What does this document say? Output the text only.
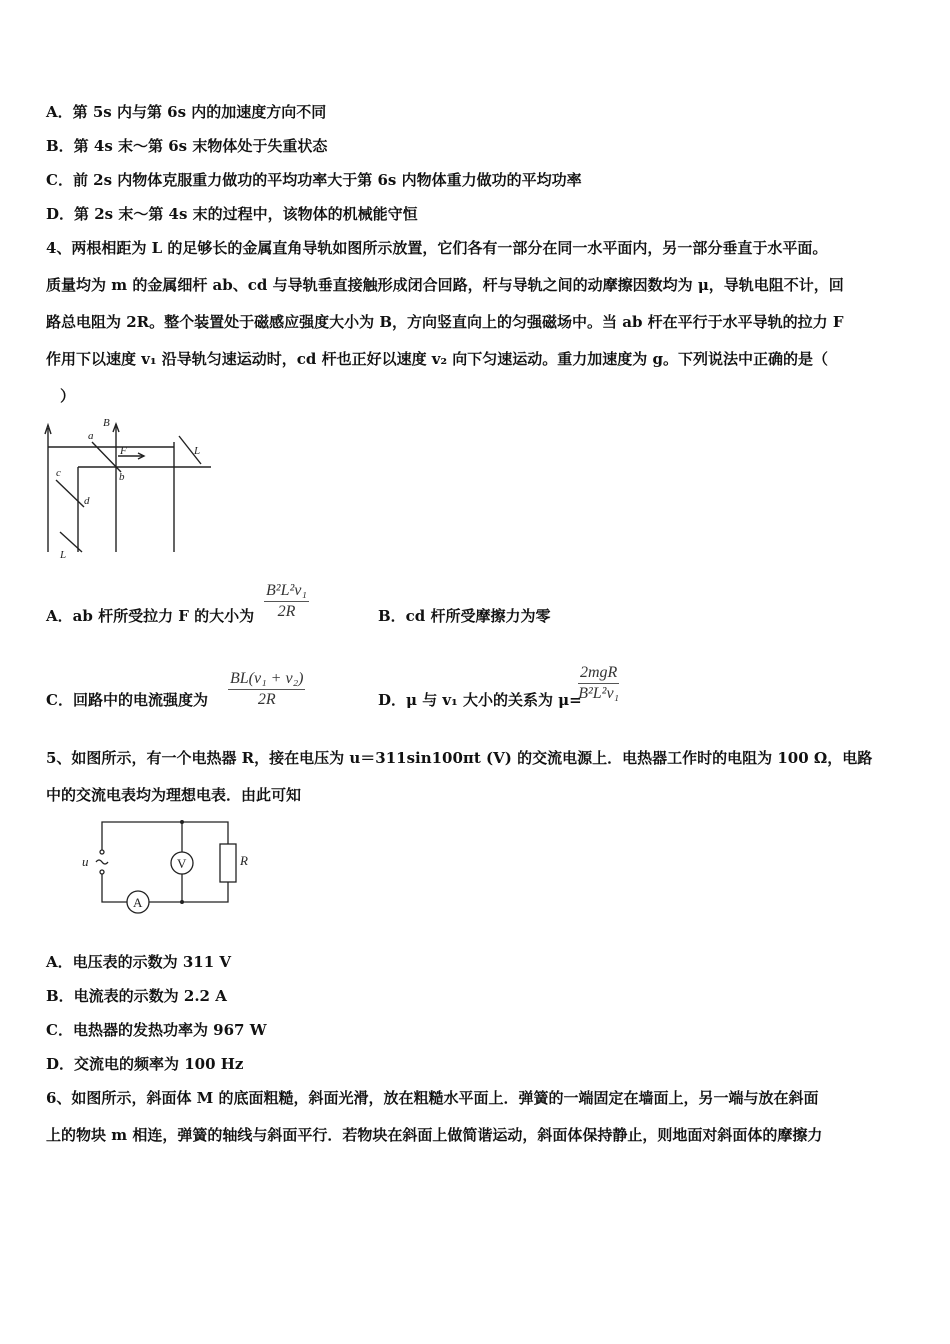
A．第 5s 内与第 6s 内的加速度方向不同
B．第 4s 末～第 6s 末物体处于失重状态
C．前 2s 内物体克服重力做功的平均功率大于第 6s 内物体重力做功的平均功率
D．第 2s 末～第 4s 末的过程中，该物体的机械能守恒
4、两根相距为 L 的足够长的金属直角导轨如图所示放置，它们各有一部分在同一水平面内，另一部分垂直于水平面。
质量均为 m 的金属细杆 ab、cd 与导轨垂直接触形成闭合回路，杆与导轨之间的动摩擦因数均为 μ，导轨电阻不计，回
路总电阻为 2R。整个装置处于磁感应强度大小为 B，方向竖直向上的匀强磁场中。当 ab 杆在平行于水平导轨的拉力 F
作用下以速度 v₁ 沿导轨匀速运动时，cd 杆也正好以速度 v₂ 向下匀速运动。重力加速度为 g。下列说法中正确的是（
）
B
a
F
b
c
d
L
L
A．ab 杆所受拉力 F 的大小为
B²L²v₁
2R	B．cd 杆所受摩擦力为零
C．回路中的电流强度为
BL(v₁ + v₂)
2R	D．μ 与 v₁ 大小的关系为 μ=
2mgR
B²L²v₁
5、如图所示，有一个电热器 R，接在电压为 u＝311sin100πt (V) 的交流电源上．电热器工作时的电阻为 100 Ω，电路
中的交流电表均为理想电表．由此可知
u	V	R
A
A．电压表的示数为 311 V
B．电流表的示数为 2.2 A
C．电热器的发热功率为 967 W
D．交流电的频率为 100 Hz
6、如图所示，斜面体 M 的底面粗糙，斜面光滑，放在粗糙水平面上．弹簧的一端固定在墙面上，另一端与放在斜面
上的物块 m 相连，弹簧的轴线与斜面平行．若物块在斜面上做简谐运动，斜面体保持静止，则地面对斜面体的摩擦力
